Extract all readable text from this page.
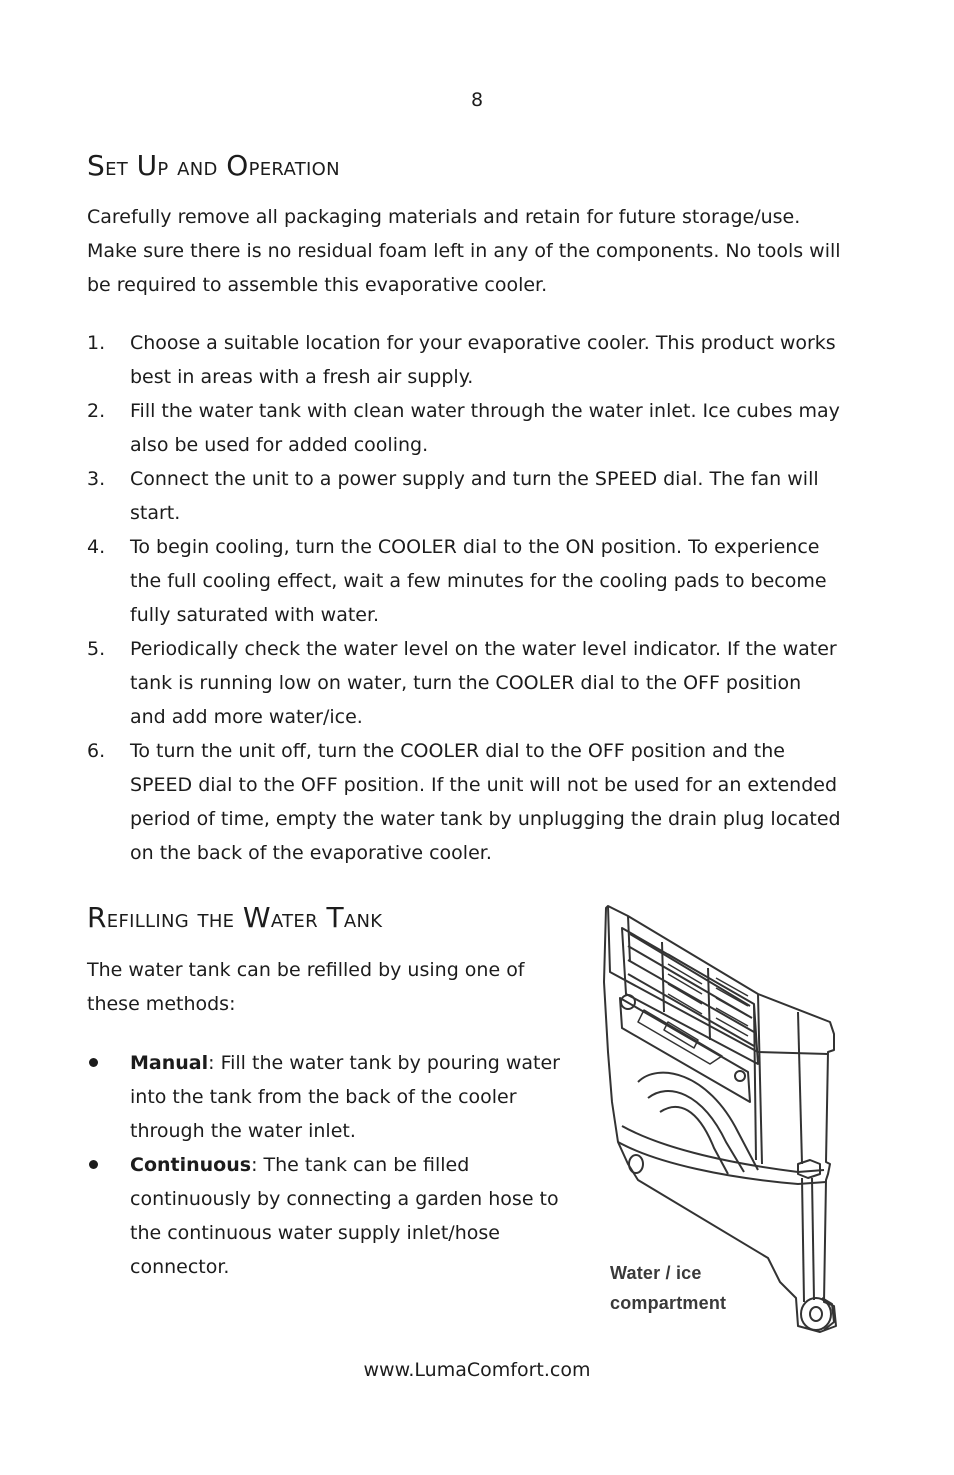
8
Set Up and Operation

Carefully remove all packaging materials and retain for future storage/use.
Make sure there is no residual foam left in any of the components. No tools will
be required to assemble this evaporative cooler.

1. Choose a suitable location for your evaporative cooler. This product works
best in areas with a fresh air supply.
2. Fill the water tank with clean water through the water inlet. Ice cubes may
also be used for added cooling.
3. Connect the unit to a power supply and turn the SPEED dial. The fan will
start.
4. To begin cooling, turn the COOLER dial to the ON position. To experience
the full cooling effect, wait a few minutes for the cooling pads to become
fully saturated with water.
5. Periodically check the water level on the water level indicator. If the water
tank is running low on water, turn the COOLER dial to the OFF position
and add more water/ice.
6. To turn the unit off, turn the COOLER dial to the OFF position and the
SPEED dial to the OFF position. If the unit will not be used for an extended
period of time, empty the water tank by unplugging the drain plug located
on the back of the evaporative cooler.
Refilling the Water Tank

The water tank can be refilled by using one of
these methods:

Manual: Fill the water tank by pouring water
into the tank from the back of the cooler
through the water inlet.
Continuous: The tank can be filled
continuously by connecting a garden hose to
the continuous water supply inlet/hose
connector.	Water / ice
compartment

www.LumaComfort.com
